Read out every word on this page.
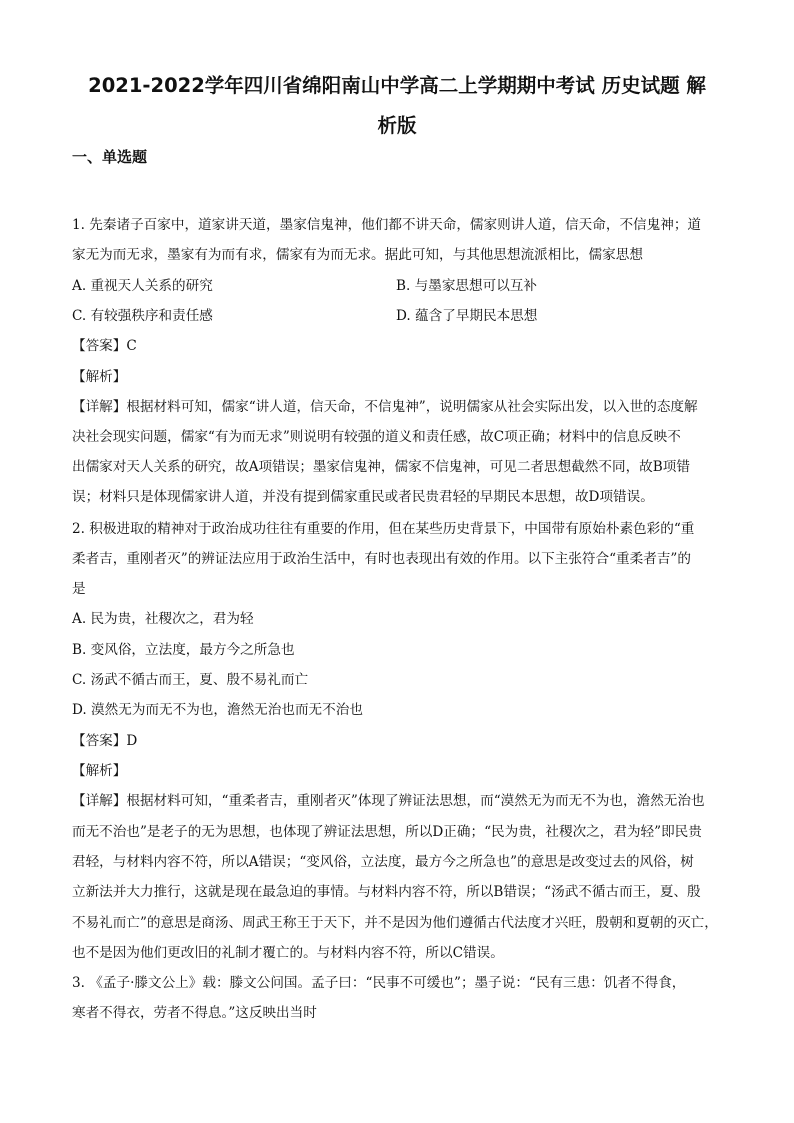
2021-2022学年四川省绵阳南山中学高二上学期期中考试 历史试题 解
析版
一、单选题
1. 先秦诸子百家中，道家讲天道，墨家信鬼神，他们都不讲天命，儒家则讲人道，信天命，不信鬼神；道
家无为而无求，墨家有为而有求，儒家有为而无求。据此可知，与其他思想流派相比，儒家思想
A. 重视天人关系的研究	B. 与墨家思想可以互补
C. 有较强秩序和责任感	D. 蕴含了早期民本思想
【答案】C
【解析】
【详解】根据材料可知，儒家“讲人道，信天命，不信鬼神”，说明儒家从社会实际出发，以入世的态度解
决社会现实问题，儒家“有为而无求”则说明有较强的道义和责任感，故C项正确；材料中的信息反映不
出儒家对天人关系的研究，故A项错误；墨家信鬼神，儒家不信鬼神，可见二者思想截然不同，故B项错
误；材料只是体现儒家讲人道，并没有提到儒家重民或者民贵君轻的早期民本思想，故D项错误。
2. 积极进取的精神对于政治成功往往有重要的作用，但在某些历史背景下，中国带有原始朴素色彩的“重
柔者吉，重刚者灭”的辨证法应用于政治生活中，有时也表现出有效的作用。以下主张符合“重柔者吉”的
是
A. 民为贵，社稷次之，君为轻
B. 变风俗，立法度，最方今之所急也
C. 汤武不循古而王，夏、殷不易礼而亡
D. 漠然无为而无不为也，澹然无治也而无不治也
【答案】D
【解析】
【详解】根据材料可知，“重柔者吉，重刚者灭”体现了辨证法思想，而“漠然无为而无不为也，澹然无治也
而无不治也”是老子的无为思想，也体现了辨证法思想，所以D正确；“民为贵，社稷次之，君为轻”即民贵
君轻，与材料内容不符，所以A错误；“变风俗，立法度，最方今之所急也”的意思是改变过去的风俗，树
立新法并大力推行，这就是现在最急迫的事情。与材料内容不符，所以B错误；“汤武不循古而王，夏、殷
不易礼而亡”的意思是商汤、周武王称王于天下，并不是因为他们遵循古代法度才兴旺，殷朝和夏朝的灭亡，
也不是因为他们更改旧的礼制才覆亡的。与材料内容不符，所以C错误。
3. 《孟子·滕文公上》载：滕文公问国。孟子曰：“民事不可缓也”；墨子说：“民有三患：饥者不得食，
寒者不得衣，劳者不得息。”这反映出当时
